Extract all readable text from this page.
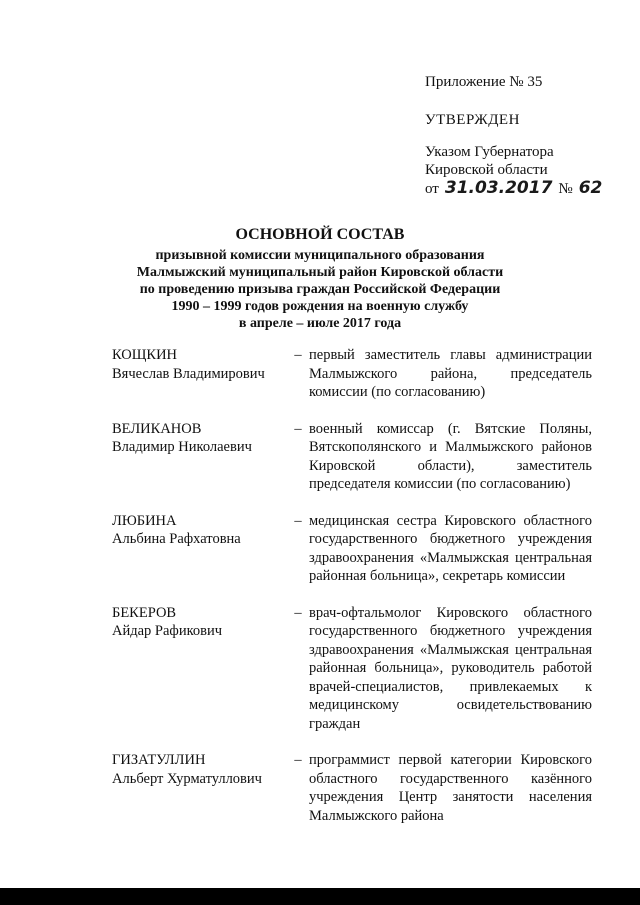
Приложение № 35
УТВЕРЖДЕН
Указом Губернатора
Кировской области
от 31.03.2017 № 62
ОСНОВНОЙ СОСТАВ
призывной комиссии муниципального образования
Малмыжский муниципальный район Кировской области
по проведению призыва граждан Российской Федерации
1990 – 1999 годов рождения на военную службу
в апреле – июле 2017 года
КОЩКИН
Вячеслав Владимирович
– первый заместитель главы администрации Малмыжского района, председатель комиссии (по согласованию)
ВЕЛИКАНОВ
Владимир Николаевич
– военный комиссар (г. Вятские Поляны, Вятскополянского и Малмыжского районов Кировской области), заместитель председателя комиссии (по согласованию)
ЛЮБИНА
Альбина Рафхатовна
– медицинская сестра Кировского областного государственного бюджетного учреждения здравоохранения «Малмыжская центральная районная больница», секретарь комиссии
БЕКЕРОВ
Айдар Рафикович
– врач-офтальмолог Кировского областного государственного бюджетного учреждения здравоохранения «Малмыжская центральная районная больница», руководитель работой врачей-специалистов, привлекаемых к медицинскому освидетельствованию граждан
ГИЗАТУЛЛИН
Альберт Хурматуллович
– программист первой категории Кировского областного государственного казённого учреждения Центр занятости населения Малмыжского района
